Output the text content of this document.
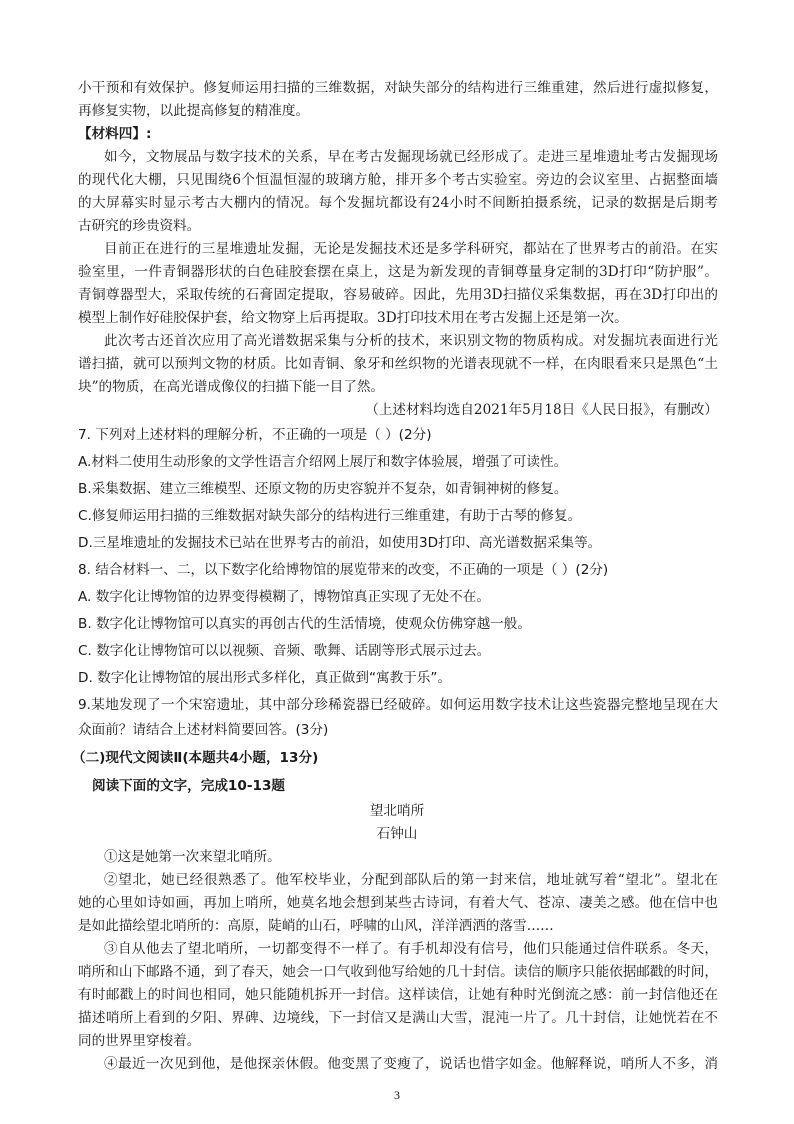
小干预和有效保护。修复师运用扫描的三维数据，对缺失部分的结构进行三维重建，然后进行虚拟修复，
再修复实物，以此提高修复的精准度。
【材料四】:
如今，文物展品与数字技术的关系，早在考古发掘现场就已经形成了。走进三星堆遗址考古发掘现场
的现代化大棚，只见围绕6个恒温恒湿的玻璃方舱，排开多个考古实验室。旁边的会议室里、占据整面墙
的大屏幕实时显示考古大棚内的情况。每个发掘坑都设有24小时不间断拍摄系统，记录的数据是后期考
古研究的珍贵资料。
目前正在进行的三星堆遗址发掘，无论是发掘技术还是多学科研究，都站在了世界考古的前沿。在实
验室里，一件青铜器形状的白色硅胶套摆在桌上，这是为新发现的青铜尊量身定制的3D打印“防护服”。
青铜尊器型大，采取传统的石膏固定提取，容易破碎。因此，先用3D扫描仪采集数据，再在3D打印出的
模型上制作好硅胶保护套，给文物穿上后再提取。3D打印技术用在考古发掘上还是第一次。
此次考古还首次应用了高光谱数据采集与分析的技术，来识别文物的物质构成。对发掘坑表面进行光
谱扫描，就可以预判文物的材质。比如青铜、象牙和丝织物的光谱表现就不一样，在肉眼看来只是黑色“土
块”的物质，在高光谱成像仪的扫描下能一目了然。
（上述材料均选自2021年5月18日《人民日报》，有删改）
7. 下列对上述材料的理解分析，不正确的一项是（ ）(2分)
A.材料二使用生动形象的文学性语言介绍网上展厅和数字体验展，增强了可读性。
B.采集数据、建立三维模型、还原文物的历史容貌并不复杂，如青铜神树的修复。
C.修复师运用扫描的三维数据对缺失部分的结构进行三维重建，有助于古琴的修复。
D.三星堆遗址的发掘技术已站在世界考古的前沿，如使用3D打印、高光谱数据采集等。
8. 结合材料一、二，以下数字化给博物馆的展览带来的改变，不正确的一项是（ ）(2分)
A. 数字化让博物馆的边界变得模糊了，博物馆真正实现了无处不在。
B. 数字化让博物馆可以真实的再创古代的生活情境，使观众仿佛穿越一般。
C. 数字化让博物馆可以以视频、音频、歌舞、话剧等形式展示过去。
D. 数字化让博物馆的展出形式多样化，真正做到“寓教于乐”。
9.某地发现了一个宋窑遗址，其中部分珍稀瓷器已经破碎。如何运用数字技术让这些瓷器完整地呈现在大
众面前？请结合上述材料简要回答。(3分)
（二)现代文阅读Ⅱ(本题共4小题，13分)
阅读下面的文字，完成10-13题
望北哨所
石钟山
①这是她第一次来望北哨所。
②望北，她已经很熟悉了。他军校毕业，分配到部队后的第一封来信，地址就写着“望北”。望北在
她的心里如诗如画，再加上哨所，她莫名地会想到某些古诗词，有着大气、苍凉、凄美之感。他在信中也
是如此描绘望北哨所的：高原，陡峭的山石，呼啸的山风，洋洋洒洒的落雪……
③自从他去了望北哨所，一切都变得不一样了。有手机却没有信号，他们只能通过信件联系。冬天，
哨所和山下邮路不通，到了春天，她会一口气收到他写给她的几十封信。读信的顺序只能依据邮戳的时间，
有时邮戳上的时间也相同，她只能随机拆开一封信。这样读信，让她有种时光倒流之感：前一封信他还在
描述哨所上看到的夕阳、界碑、边境线，下一封信又是满山大雪，混沌一片了。几十封信，让她恍若在不
同的世界里穿梭着。
④最近一次见到他，是他探亲休假。他变黑了变瘦了，说话也惜字如金。他解释说，哨所人不多，消
3
